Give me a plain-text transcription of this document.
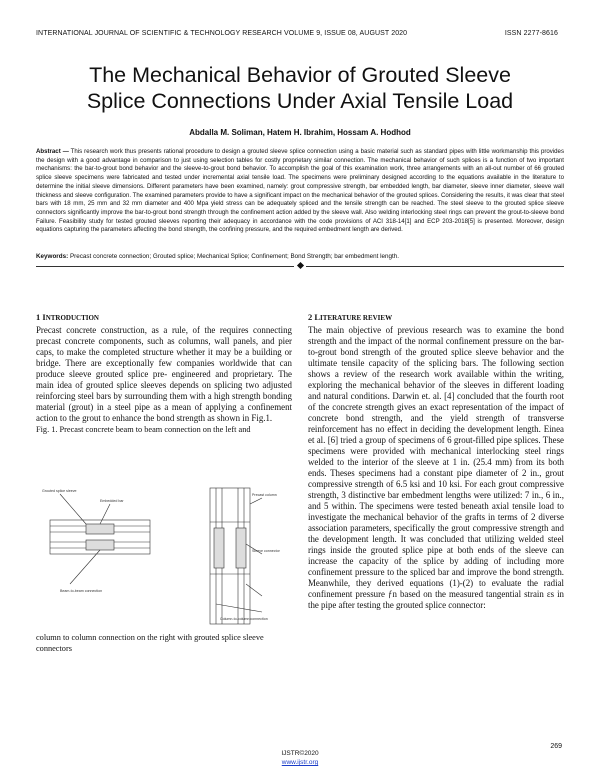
INTERNATIONAL JOURNAL OF SCIENTIFIC & TECHNOLOGY RESEARCH VOLUME 9, ISSUE 08, AUGUST 2020	ISSN 2277-8616
The Mechanical Behavior of Grouted Sleeve
Splice Connections Under Axial Tensile Load
Abdalla M. Soliman, Hatem H. Ibrahim, Hossam A. Hodhod
Abstract — This research work thus presents rational procedure to design a grouted sleeve splice connection using a basic material such as standard pipes with little workmanship this provides the design with a good advantage in comparison to just using selection tables for costly proprietary similar connection. The mechanical behavior of such splices is a function of two important mechanisms: the bar-to-grout bond behavior and the sleeve-to-grout bond behavior. To accomplish the goal of this examination work, three arrangements with an all-out number of 66 grouted splice sleeve specimens were fabricated and tested under incremental axial tensile load. The specimens were preliminary designed according to the equations available in the literature to determine the initial sleeve dimensions. Different parameters have been examined, namely: grout compressive strength, bar embedded length, bar diameter, sleeve inner diameter, sleeve wall thickness and sleeve configuration. The examined parameters provide to have a significant impact on the mechanical behavior of the grouted splices. Considering the results, it was clear that steel bars with 18 mm, 25 mm and 32 mm diameter and 400 Mpa yield stress can be adequately spliced and the tensile strength can be reached. The steel sleeve to the grouted splice sleeve connectors significantly improve the bar-to-grout bond strength through the confinement action added by the sleeve wall. Also welding interlocking steel rings can prevent the grout-to-sleeve bond Failure. Feasibility study for tested grouted sleeves reporting their adequacy in accordance with the code provisions of ACI 318-14[1] and ECP 203-2018[5] is presented. Moreover, design equations capturing the parameters affecting the bond strength, the confining pressure, and the required embedment length are derived.
Keywords: Precast concrete connection; Grouted splice; Mechanical Splice; Confinement; Bond Strength; bar embedment length.
1 INTRODUCTION	2 LITERATURE REVIEW
Precast concrete construction, as a rule, of the requires connecting precast concrete components, such as columns, wall panels, and pier caps, to make the completed structure whether it may be a building or bridge. There are exceptionally few companies worldwide that can produce sleeve grouted splice pre- engineered and proprietary. The main idea of grouted splice sleeves depends on splicing two adjusted reinforcing steel bars by surrounding them with a high strength bonding material (grout) in a steel pipe as a mean of applying a confinement action to the grout to enhance the bond strength as shown in Fig.1.
Fig. 1. Precast concrete beam to beam connection on the left and
Grouted splice sleeve
Embedded bar
Beam-to-beam connection
Precast column
Sleeve connector
Column-to-column connection
column to column connection on the right with grouted splice sleeve connectors
The main objective of previous research was to examine the bond strength and the impact of the normal confinement pressure on the bar-to-grout bond strength of the grouted splice sleeve behavior and the ultimate tensile capacity of the splicing bars. The following section shows a review of the research work available within the writing, exploring the mechanical behavior of the sleeves in different loading and natural conditions. Darwin et. al. [4] concluded that the fourth root of the concrete strength gives an exact representation of the impact of concrete bond strength, and the yield strength of transverse reinforcement has no effect in deciding the development length. Einea et al. [6] tried a group of specimens of 6 grout-filled pipe splices. These specimens were provided with mechanical interlocking steel rings welded to the interior of the sleeve at 1 in. (25.4 mm) from its both ends. Theses specimens had a constant pipe diameter of 2 in., grout compressive strength of 6.5 ksi and 10 ksi. For each grout compressive strength, 3 distinctive bar embedment lengths were utilized: 7 in., 6 in., and 5 within. The specimens were tested beneath axial tensile load to investigate the mechanical behavior of the grafts in terms of 2 diverse association parameters, specifically the grout compressive strength and the development length. It was concluded that utilizing welded steel rings inside the grouted splice pipe at both ends of the sleeve can increase the capacity of the splice by adding of including more confinement pressure to the spliced bar and improve the bond strength. Meanwhile, they derived equations (1)-(2) to evaluate the radial confinement pressure ƒn based on the measured tangential strain εs in the pipe after testing the grouted splice connector:
269
IJSTR©2020
www.ijstr.org
